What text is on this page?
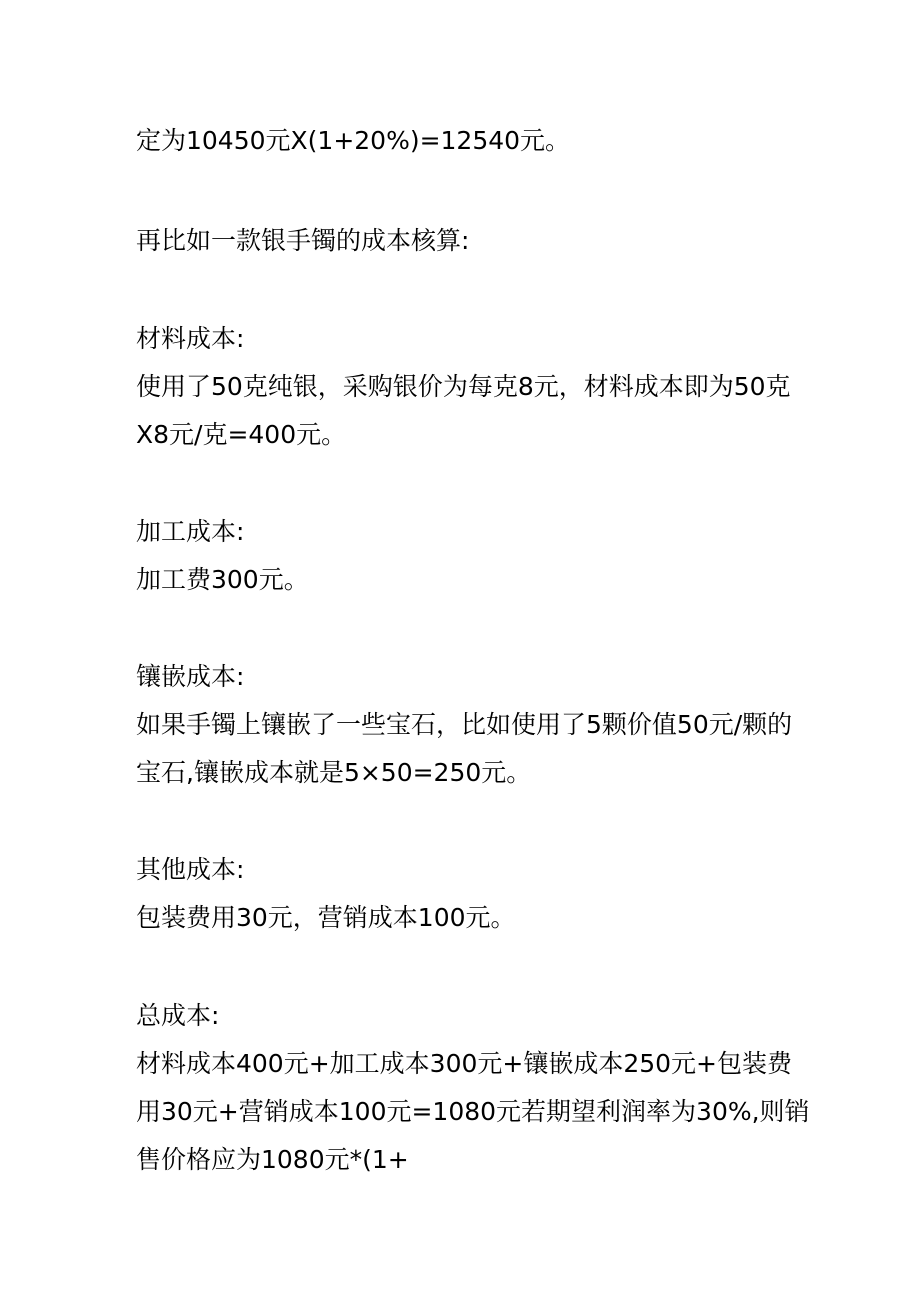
定为10450元X(1+20%)=12540元。
再比如一款银手镯的成本核算:
材料成本:
使用了50克纯银，采购银价为每克8元，材料成本即为50克
X8元/克=400元。
加工成本:
加工费300元。
镶嵌成本:
如果手镯上镶嵌了一些宝石，比如使用了5颗价值50元/颗的
宝石,镶嵌成本就是5×50=250元。
其他成本:
包装费用30元，营销成本100元。
总成本:
材料成本400元+加工成本300元+镶嵌成本250元+包装费
用30元+营销成本100元=1080元若期望利润率为30%,则销
售价格应为1080元*(1+
